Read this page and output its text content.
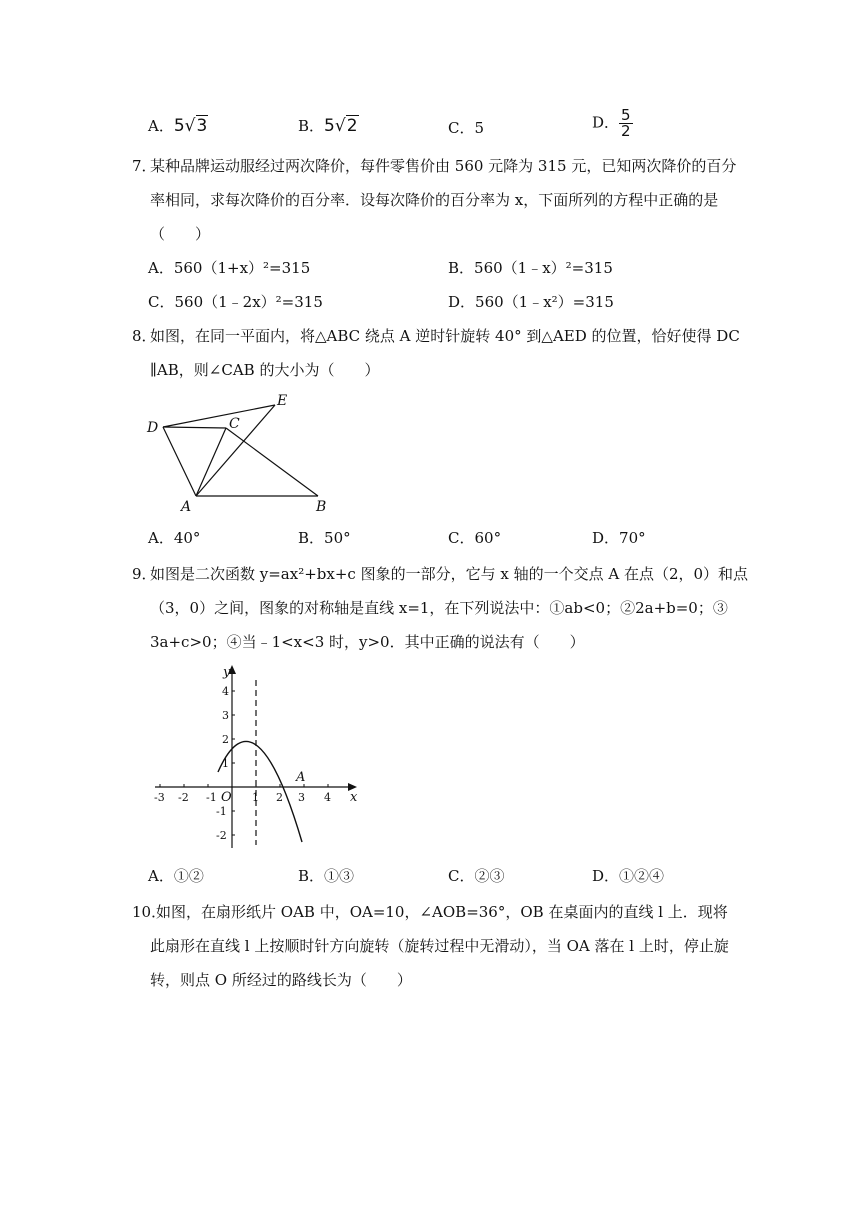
A．5√3	B．5√2	C．5	D． $\frac{5}{2}$
7．
某种品牌运动服经过两次降价，每件零售价由 560 元降为 315 元，已知两次降价的百分
率相同，求每次降价的百分率．设每次降价的百分率为 x，下面所列的方程中正确的是
（　　）
A．560（1+x）²=315	B．560（1﹣x）²=315
C．560（1﹣2x）²=315	D．560（1﹣x²）=315
8．
如图，在同一平面内，将△ABC 绕点 A 逆时针旋转 40° 到△AED 的位置，恰好使得 DC
∥AB，则∠CAB 的大小为（　　）
D	C
E
A	B
A．40°	B．50°	C．60°	D．70°
9．
如图是二次函数 y=ax²+bx+c 图象的一部分，它与 x 轴的一个交点 A 在点（2，0）和点
（3，0）之间，图象的对称轴是直线 x=1，在下列说法中：①ab<0；②2a+b=0；③
3a+c>0；④当﹣1<x<3 时，y>0．其中正确的说法有（　　）
-3 -2 -1	1 2 3 4
4
3
2
1
-1
-2
O	x
y
A
A．①②	B．①③	C．②③	D．①②④
10．
如图，在扇形纸片 OAB 中，OA=10，∠AOB=36°，OB 在桌面内的直线 l 上．现将
此扇形在直线 l 上按顺时针方向旋转（旋转过程中无滑动），当 OA 落在 l 上时，停止旋
转，则点 O 所经过的路线长为（　　）
